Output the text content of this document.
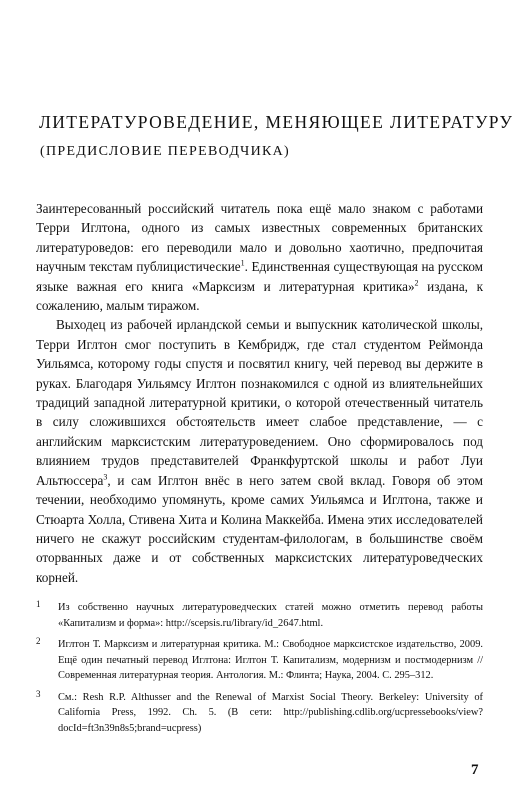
ЛИТЕРАТУРОВЕДЕНИЕ, МЕНЯЮЩЕЕ ЛИТЕРАТУРУ
(ПРЕДИСЛОВИЕ ПЕРЕВОДЧИКА)

Заинтересованный российский читатель пока ещё мало знаком с работами Терри Иглтона, одного из самых известных современных британских литературоведов: его переводили мало и довольно хаотично, предпочитая научным текстам публицистические$^1$. Единственная существующая на русском языке важная его книга «Марксизм и литературная критика»$^2$ издана, к сожалению, малым тиражом.

Выходец из рабочей ирландской семьи и выпускник католической школы, Терри Иглтон смог поступить в Кембридж, где стал студентом Реймонда Уильямса, которому годы спустя и посвятил книгу, чей перевод вы держите в руках. Благодаря Уильямсу Иглтон познакомился с одной из влиятельнейших традиций западной литературной критики, о которой отечественный читатель в силу сложившихся обстоятельств имеет слабое представление, — с английским марксистским литературоведением. Оно сформировалось под влиянием трудов представителей Франкфуртской школы и работ Луи Альтюссера$^3$, и сам Иглтон внёс в него затем свой вклад. Говоря об этом течении, необходимо упомянуть, кроме самих Уильямса и Иглтона, также и Стюарта Холла, Стивена Хита и Колина Маккейба. Имена этих исследователей ничего не скажут российским студентам-филологам, в большинстве своём оторванных даже и от собственных марксистских литературоведческих корней.

1 Из собственно научных литературоведческих статей можно отметить перевод работы «Капитализм и форма»: http://scepsis.ru/library/id_2647.html.
2 Иглтон Т. Марксизм и литературная критика. М.: Свободное марксистское издательство, 2009. Ещё один печатный перевод Иглтона: Иглтон Т. Капитализм, модернизм и постмодернизм // Современная литературная теория. Антология. М.: Флинта; Наука, 2004. С. 295–312.
3 См.: Resh R.P. Althusser and the Renewal of Marxist Social Theory. Berkeley: University of California Press, 1992. Ch. 5. (В сети: http://publishing.cdlib.org/ucpressebooks/view?docId=ft3n39n8s5;brand=ucpress)
7
